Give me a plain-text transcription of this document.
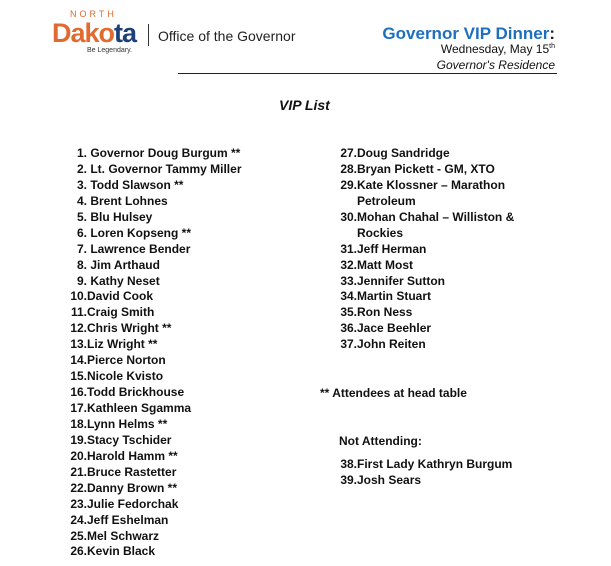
NORTH
Dakota
Be Legendary.
Office of the Governor	Governor VIP Dinner:
Wednesday, May 15th
Governor's Residence
VIP List
1.
Governor Doug Burgum **
2.
Lt. Governor Tammy Miller
3.
Todd Slawson **
4.
Brent Lohnes
5.
Blu Hulsey
6.
Loren Kopseng **
7.
Lawrence Bender
8.
Jim Arthaud
9.
Kathy Neset
10. David Cook
11. Craig Smith
12. Chris Wright **
13. Liz Wright **
14. Pierce Norton
15. Nicole Kvisto
16. Todd Brickhouse
17. Kathleen Sgamma
18. Lynn Helms **
19. Stacy Tschider
20. Harold Hamm **
21. Bruce Rastetter
22. Danny Brown **
23. Julie Fedorchak
24. Jeff Eshelman
25. Mel Schwarz
26. Kevin Black
27. Doug Sandridge
28. Bryan Pickett - GM, XTO
29. Kate Klossner – Marathon
Petroleum
30. Mohan Chahal – Williston &
Rockies
31. Jeff Herman
32. Matt Most
33. Jennifer Sutton
34. Martin Stuart
35. Ron Ness
36. Jace Beehler
37. John Reiten
** Attendees at head table
Not Attending:
38. First Lady Kathryn Burgum
39. Josh Sears
